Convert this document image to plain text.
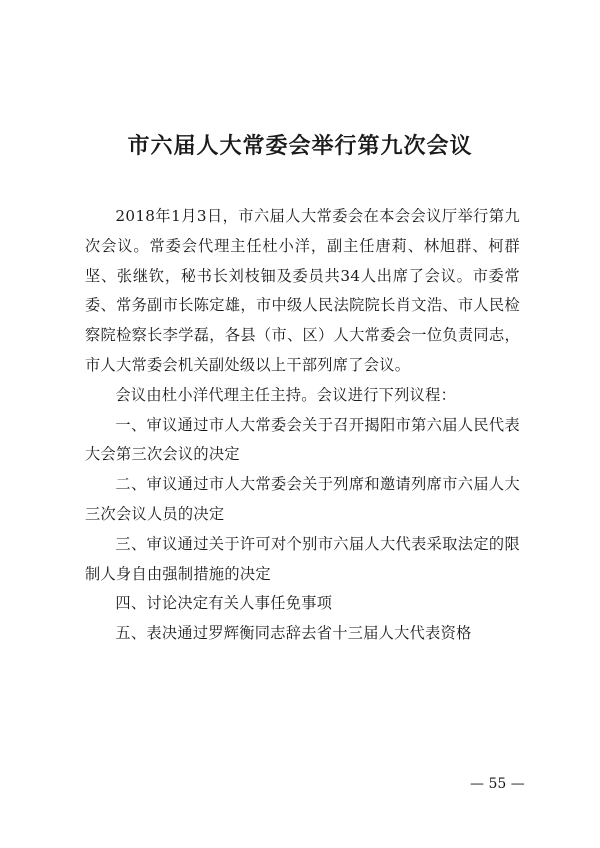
市六届人大常委会举行第九次会议

2018年1月3日，市六届人大常委会在本会会议厅举行第九次会议。常委会代理主任杜小洋，副主任唐莉、林旭群、柯群坚、张继钦，秘书长刘枝钿及委员共34人出席了会议。市委常委、常务副市长陈定雄，市中级人民法院院长肖文浩、市人民检察院检察长李学磊，各县（市、区）人大常委会一位负责同志，市人大常委会机关副处级以上干部列席了会议。

会议由杜小洋代理主任主持。会议进行下列议程：

一、审议通过市人大常委会关于召开揭阳市第六届人民代表大会第三次会议的决定

二、审议通过市人大常委会关于列席和邀请列席市六届人大三次会议人员的决定

三、审议通过关于许可对个别市六届人大代表采取法定的限制人身自由强制措施的决定

四、讨论决定有关人事任免事项

五、表决通过罗辉衡同志辞去省十三届人大代表资格

— 55 —
